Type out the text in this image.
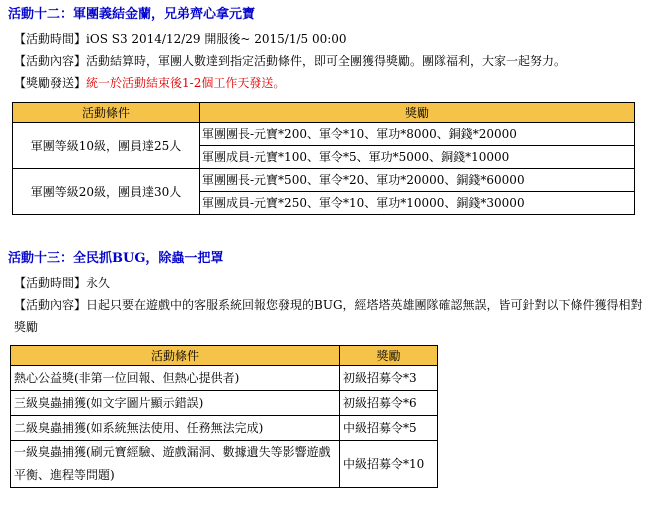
活動十二：軍團義結金蘭，兄弟齊心拿元寶
【活動時間】iOS S3 2014/12/29 開服後~ 2015/1/5 00:00
【活動內容】活動結算時，軍團人數達到指定活動條件，即可全團獲得獎勵。團隊福利，大家一起努力。
【獎勵發送】統一於活動結束後1-2個工作天發送。
活動條件	獎勵
軍團等級10級，團員達25人	軍團團長-元寶*200、軍令*10、軍功*8000、銅錢*20000
軍團成員-元寶*100、軍令*5、軍功*5000、銅錢*10000

軍團等級20級，團員達30人	軍團團長-元寶*500、軍令*20、軍功*20000、銅錢*60000
軍團成員-元寶*250、軍令*10、軍功*10000、銅錢*30000
活動十三：全民抓BUG，除蟲一把罩
【活動時間】永久
【活動內容】日起只要在遊戲中的客服系統回報您發現的BUG，經塔塔英雄團隊確認無誤，皆可針對以下條件獲得相對獎勵
活動條件	獎勵
熱心公益獎(非第一位回報、但熱心提供者)	初級招募令*3
三級臭蟲捕獲(如文字圖片顯示錯誤)	初級招募令*6
二級臭蟲捕獲(如系統無法使用、任務無法完成)	中級招募令*5
一級臭蟲捕獲(刷元寶經驗、遊戲漏洞、數據遺失等影響遊戲平衡、進程等問題)	中級招募令*10
